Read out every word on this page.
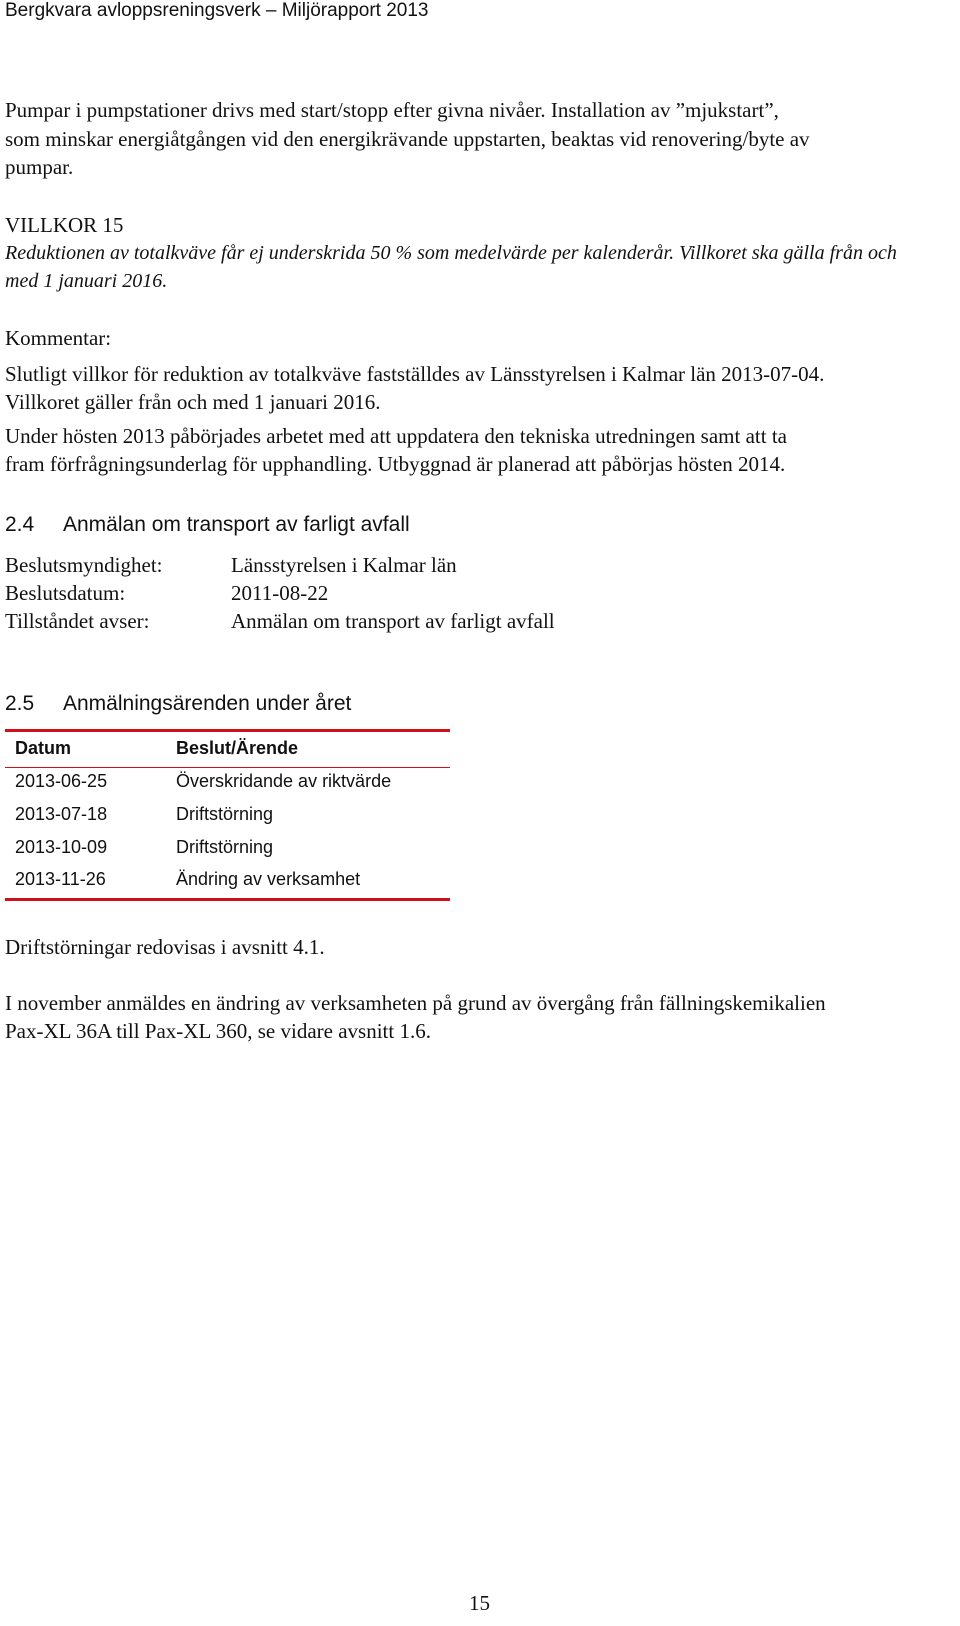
Bergkvara avloppsreningsverk – Miljörapport 2013
Pumpar i pumpstationer drivs med start/stopp efter givna nivåer. Installation av ”mjukstart”,
som minskar energiåtgången vid den energikrävande uppstarten, beaktas vid renovering/byte av
pumpar.
VILLKOR 15
Reduktionen av totalkväve får ej underskrida 50 % som medelvärde per kalenderår. Villkoret ska gälla från och
med 1 januari 2016.
Kommentar:
Slutligt villkor för reduktion av totalkväve fastställdes av Länsstyrelsen i Kalmar län 2013-07-04.
Villkoret gäller från och med 1 januari 2016.
Under hösten 2013 påbörjades arbetet med att uppdatera den tekniska utredningen samt att ta
fram förfrågningsunderlag för upphandling. Utbyggnad är planerad att påbörjas hösten 2014.
2.4 Anmälan om transport av farligt avfall
Beslutsmyndighet:	Länsstyrelsen i Kalmar län
Beslutsdatum:	2011-08-22
Tillståndet avser:	Anmälan om transport av farligt avfall
2.5 Anmälningsärenden under året
Datum	Beslut/Ärende
2013-06-25	Överskridande av riktvärde
2013-07-18	Driftstörning
2013-10-09	Driftstörning
2013-11-26	Ändring av verksamhet
Driftstörningar redovisas i avsnitt 4.1.
I november anmäldes en ändring av verksamheten på grund av övergång från fällningskemikalien
Pax-XL 36A till Pax-XL 360, se vidare avsnitt 1.6.
15
